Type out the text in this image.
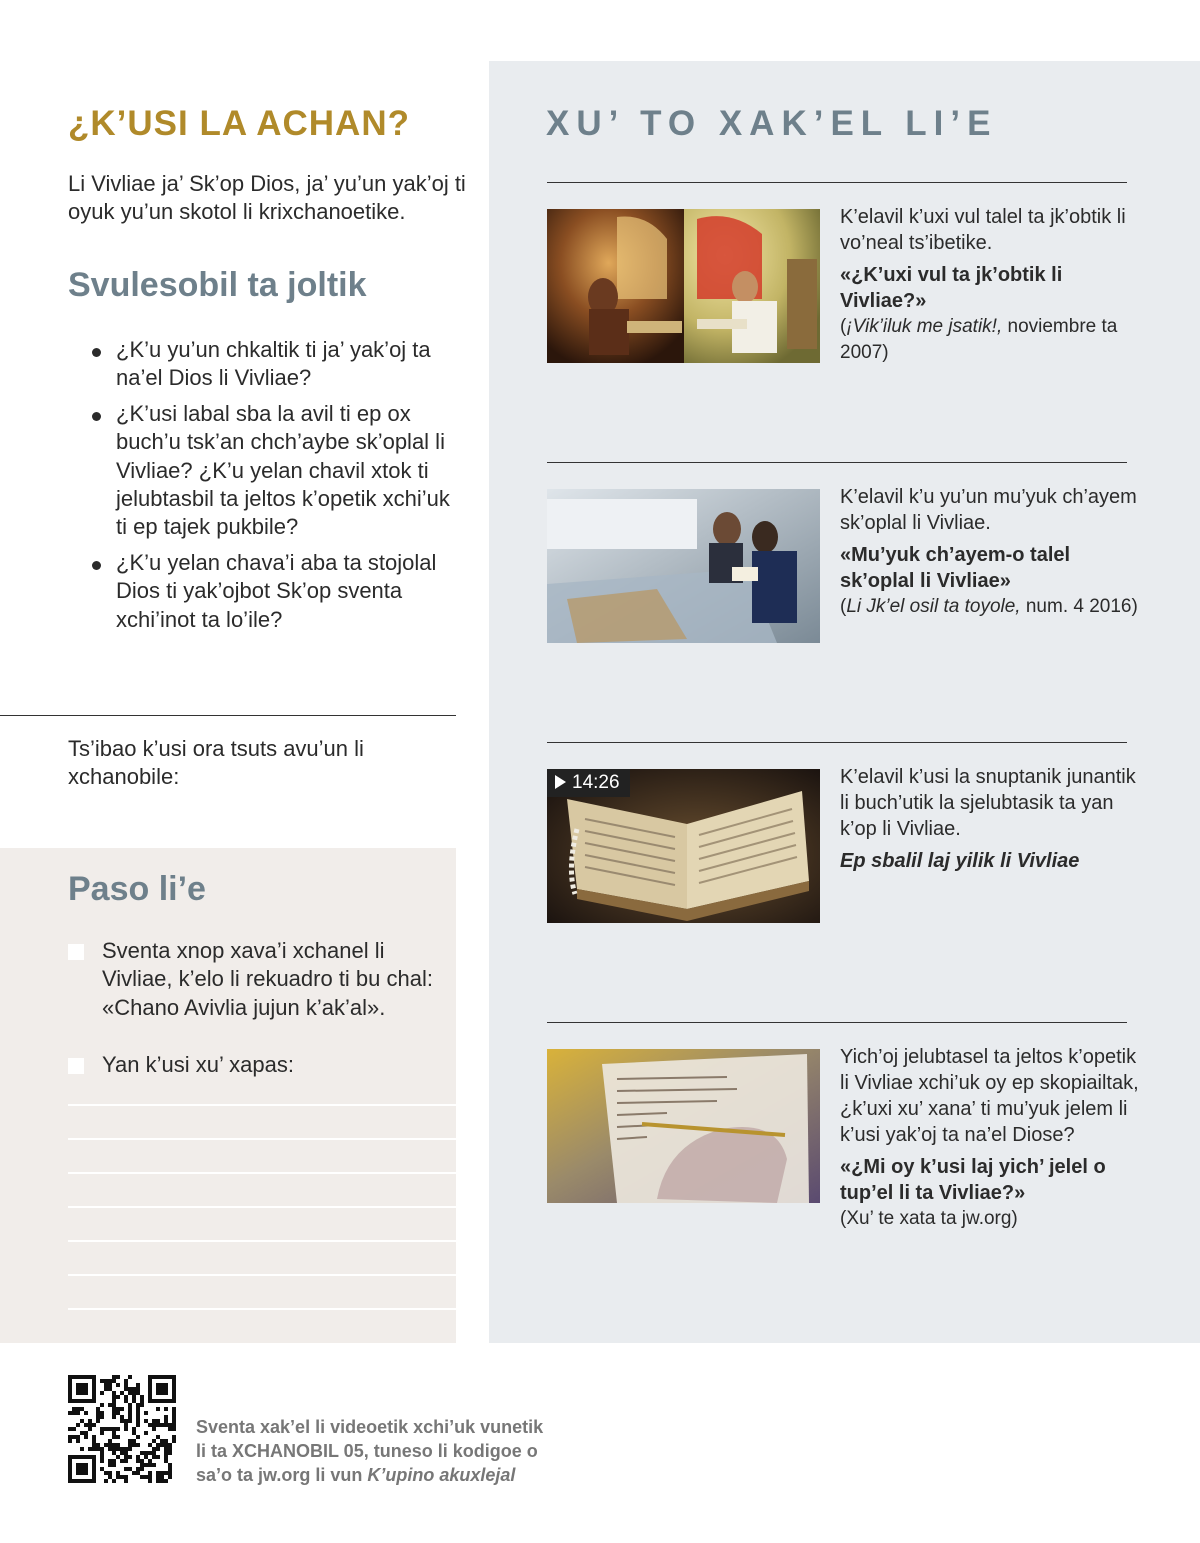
¿K’USI LA ACHAN?

Li Vivliae ja’ Sk’op Dios, ja’ yu’un yak’oj ti oyuk yu’un skotol li krixchanoetike.

Svulesobil ta joltik
¿K’u yu’un chkaltik ti ja’ yak’oj ta na’el Dios li Vivliae?
¿K’usi labal sba la avil ti ep ox buch’u tsk’an chch’aybe sk’oplal li Vivliae? ¿K’u yelan chavil xtok ti jelubtasbil ta jeltos k’opetik xchi’uk ti ep tajek pukbile?
¿K’u yelan chava’i aba ta stojolal Dios ti yak’ojbot Sk’op sventa xchi’inot ta lo’ile?

Ts’ibao k’usi ora tsuts avu’un li xchanobile:

Paso li’e
Sventa xnop xava’i xchanel li Vivliae, k’elo li rekuadro ti bu chal: «Chano Avivlia jujun k’ak’al».
Yan k’usi xu’ xapas:
XU’ TO XAK’EL LI’E
K’elavil k’uxi vul talel ta jk’obtik li vo’neal ts’ibetike.
«¿K’uxi vul ta jk’obtik li Vivliae?»
(¡Vik’iluk me jsatik!, noviembre ta 2007)
K’elavil k’u yu’un mu’yuk ch’ayem sk’oplal li Vivliae.
«Mu’yuk ch’ayem-o talel sk’oplal li Vivliae»
(Li Jk’el osil ta toyole, num. 4 2016)
14:26	K’elavil k’usi la snuptanik junantik li buch’utik la sjelubtasik ta yan k’op li Vivliae.
Ep sbalil laj yilik li Vivliae
Yich’oj jelubtasel ta jeltos k’opetik li Vivliae xchi’uk oy ep skopiailtak, ¿k’uxi xu’ xana’ ti mu’yuk jelem li k’usi yak’oj ta na’el Diose?
«¿Mi oy k’usi laj yich’ jelel o tup’el li ta Vivliae?»
(Xu’ te xata ta jw.org)

Sventa xak’el li videoetik xchi’uk vunetik li ta XCHANOBIL 05, tuneso li kodigoe o sa’o ta jw.org li vun K’upino akuxlejal
